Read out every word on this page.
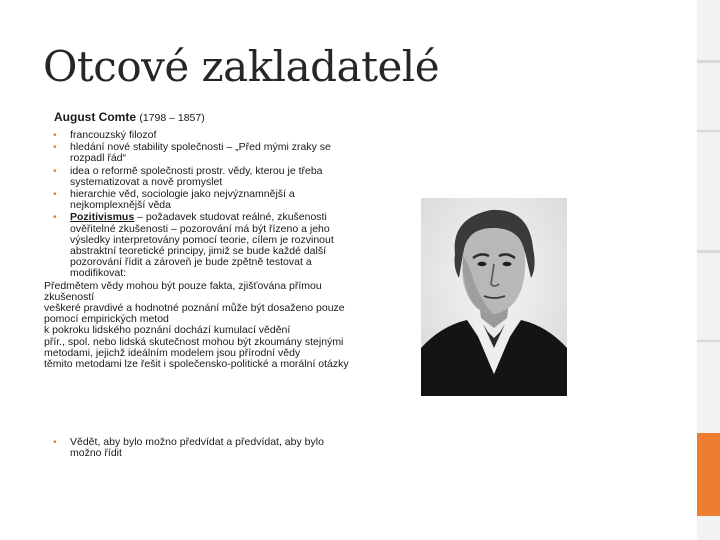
Otcové zakladatelé
August Comte (1798 – 1857)
• francouzský filozof
• hledání nové stability společnosti – „Před mými zraky se rozpadl řád“
• idea o reformě společnosti prostr. vědy, kterou je třeba systematizovat a nově promyslet
• hierarchie věd, sociologie jako nejvýznamnější a nejkomplexnější věda
• Pozitivismus – požadavek studovat reálné, zkušenosti ověřitelné zkušenosti – pozorování má být řízeno a jeho výsledky interpretovány pomocí teorie, cílem je rozvinout abstraktní teoretické principy, jimiž se bude každé další pozorování řídit a zároveň je bude zpětně testovat a modifikovat:

Předmětem vědy mohou být pouze fakta, zjišťována přímou zkušeností

veškeré pravdivé a hodnotné poznání může být dosaženo pouze pomocí empirických metod

k pokroku lidského poznání dochází kumulací vědění

přír., spol. nebo lidská skutečnost mohou být zkoumány stejnými metodami, jejichž ideálním modelem jsou přírodní vědy

těmito metodami lze řešit i společensko-politické a morální otázky

• Vědět, aby bylo možno předvídat a předvídat, aby bylo možno řídit
